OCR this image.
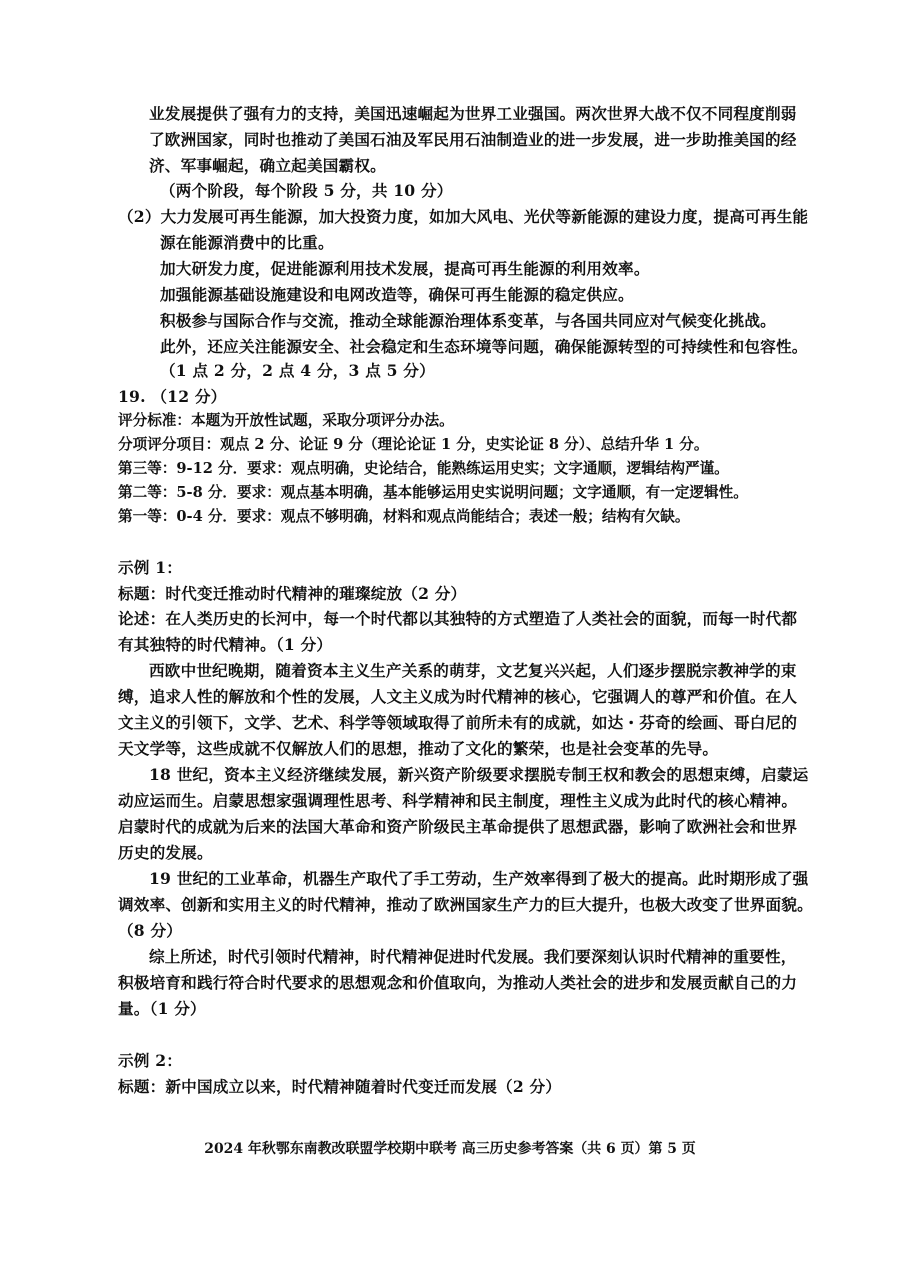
业发展提供了强有力的支持，美国迅速崛起为世界工业强国。两次世界大战不仅不同程度削弱
了欧洲国家，同时也推动了美国石油及军民用石油制造业的进一步发展，进一步助推美国的经
济、军事崛起，确立起美国霸权。
（两个阶段，每个阶段 5 分，共 10 分）
（2）大力发展可再生能源，加大投资力度，如加大风电、光伏等新能源的建设力度，提高可再生能
源在能源消费中的比重。
加大研发力度，促进能源利用技术发展，提高可再生能源的利用效率。
加强能源基础设施建设和电网改造等，确保可再生能源的稳定供应。
积极参与国际合作与交流，推动全球能源治理体系变革，与各国共同应对气候变化挑战。
此外，还应关注能源安全、社会稳定和生态环境等问题，确保能源转型的可持续性和包容性。
（1 点 2 分，2 点 4 分，3 点 5 分）
19. （12 分）
评分标准：本题为开放性试题，采取分项评分办法。
分项评分项目：观点 2 分、论证 9 分（理论论证 1 分，史实论证 8 分）、总结升华 1 分。
第三等：9-12 分．要求：观点明确，史论结合，能熟练运用史实；文字通顺，逻辑结构严谨。
第二等：5-8 分．要求：观点基本明确，基本能够运用史实说明问题；文字通顺，有一定逻辑性。
第一等：0-4 分．要求：观点不够明确，材料和观点尚能结合；表述一般；结构有欠缺。
示例 1：
标题：时代变迁推动时代精神的璀璨绽放（2 分）
论述：在人类历史的长河中，每一个时代都以其独特的方式塑造了人类社会的面貌，而每一时代都
有其独特的时代精神。（1 分）
西欧中世纪晚期，随着资本主义生产关系的萌芽，文艺复兴兴起，人们逐步摆脱宗教神学的束
缚，追求人性的解放和个性的发展，人文主义成为时代精神的核心，它强调人的尊严和价值。在人
文主义的引领下，文学、艺术、科学等领域取得了前所未有的成就，如达・芬奇的绘画、哥白尼的
天文学等，这些成就不仅解放人们的思想，推动了文化的繁荣，也是社会变革的先导。
18 世纪，资本主义经济继续发展，新兴资产阶级要求摆脱专制王权和教会的思想束缚，启蒙运
动应运而生。启蒙思想家强调理性思考、科学精神和民主制度，理性主义成为此时代的核心精神。
启蒙时代的成就为后来的法国大革命和资产阶级民主革命提供了思想武器，影响了欧洲社会和世界
历史的发展。
19 世纪的工业革命，机器生产取代了手工劳动，生产效率得到了极大的提高。此时期形成了强
调效率、创新和实用主义的时代精神，推动了欧洲国家生产力的巨大提升，也极大改变了世界面貌。
（8 分）
综上所述，时代引领时代精神，时代精神促进时代发展。我们要深刻认识时代精神的重要性，
积极培育和践行符合时代要求的思想观念和价值取向，为推动人类社会的进步和发展贡献自己的力
量。（1 分）
示例 2：
标题：新中国成立以来，时代精神随着时代变迁而发展（2 分）
2024 年秋鄂东南教改联盟学校期中联考 高三历史参考答案（共 6 页）第 5 页
